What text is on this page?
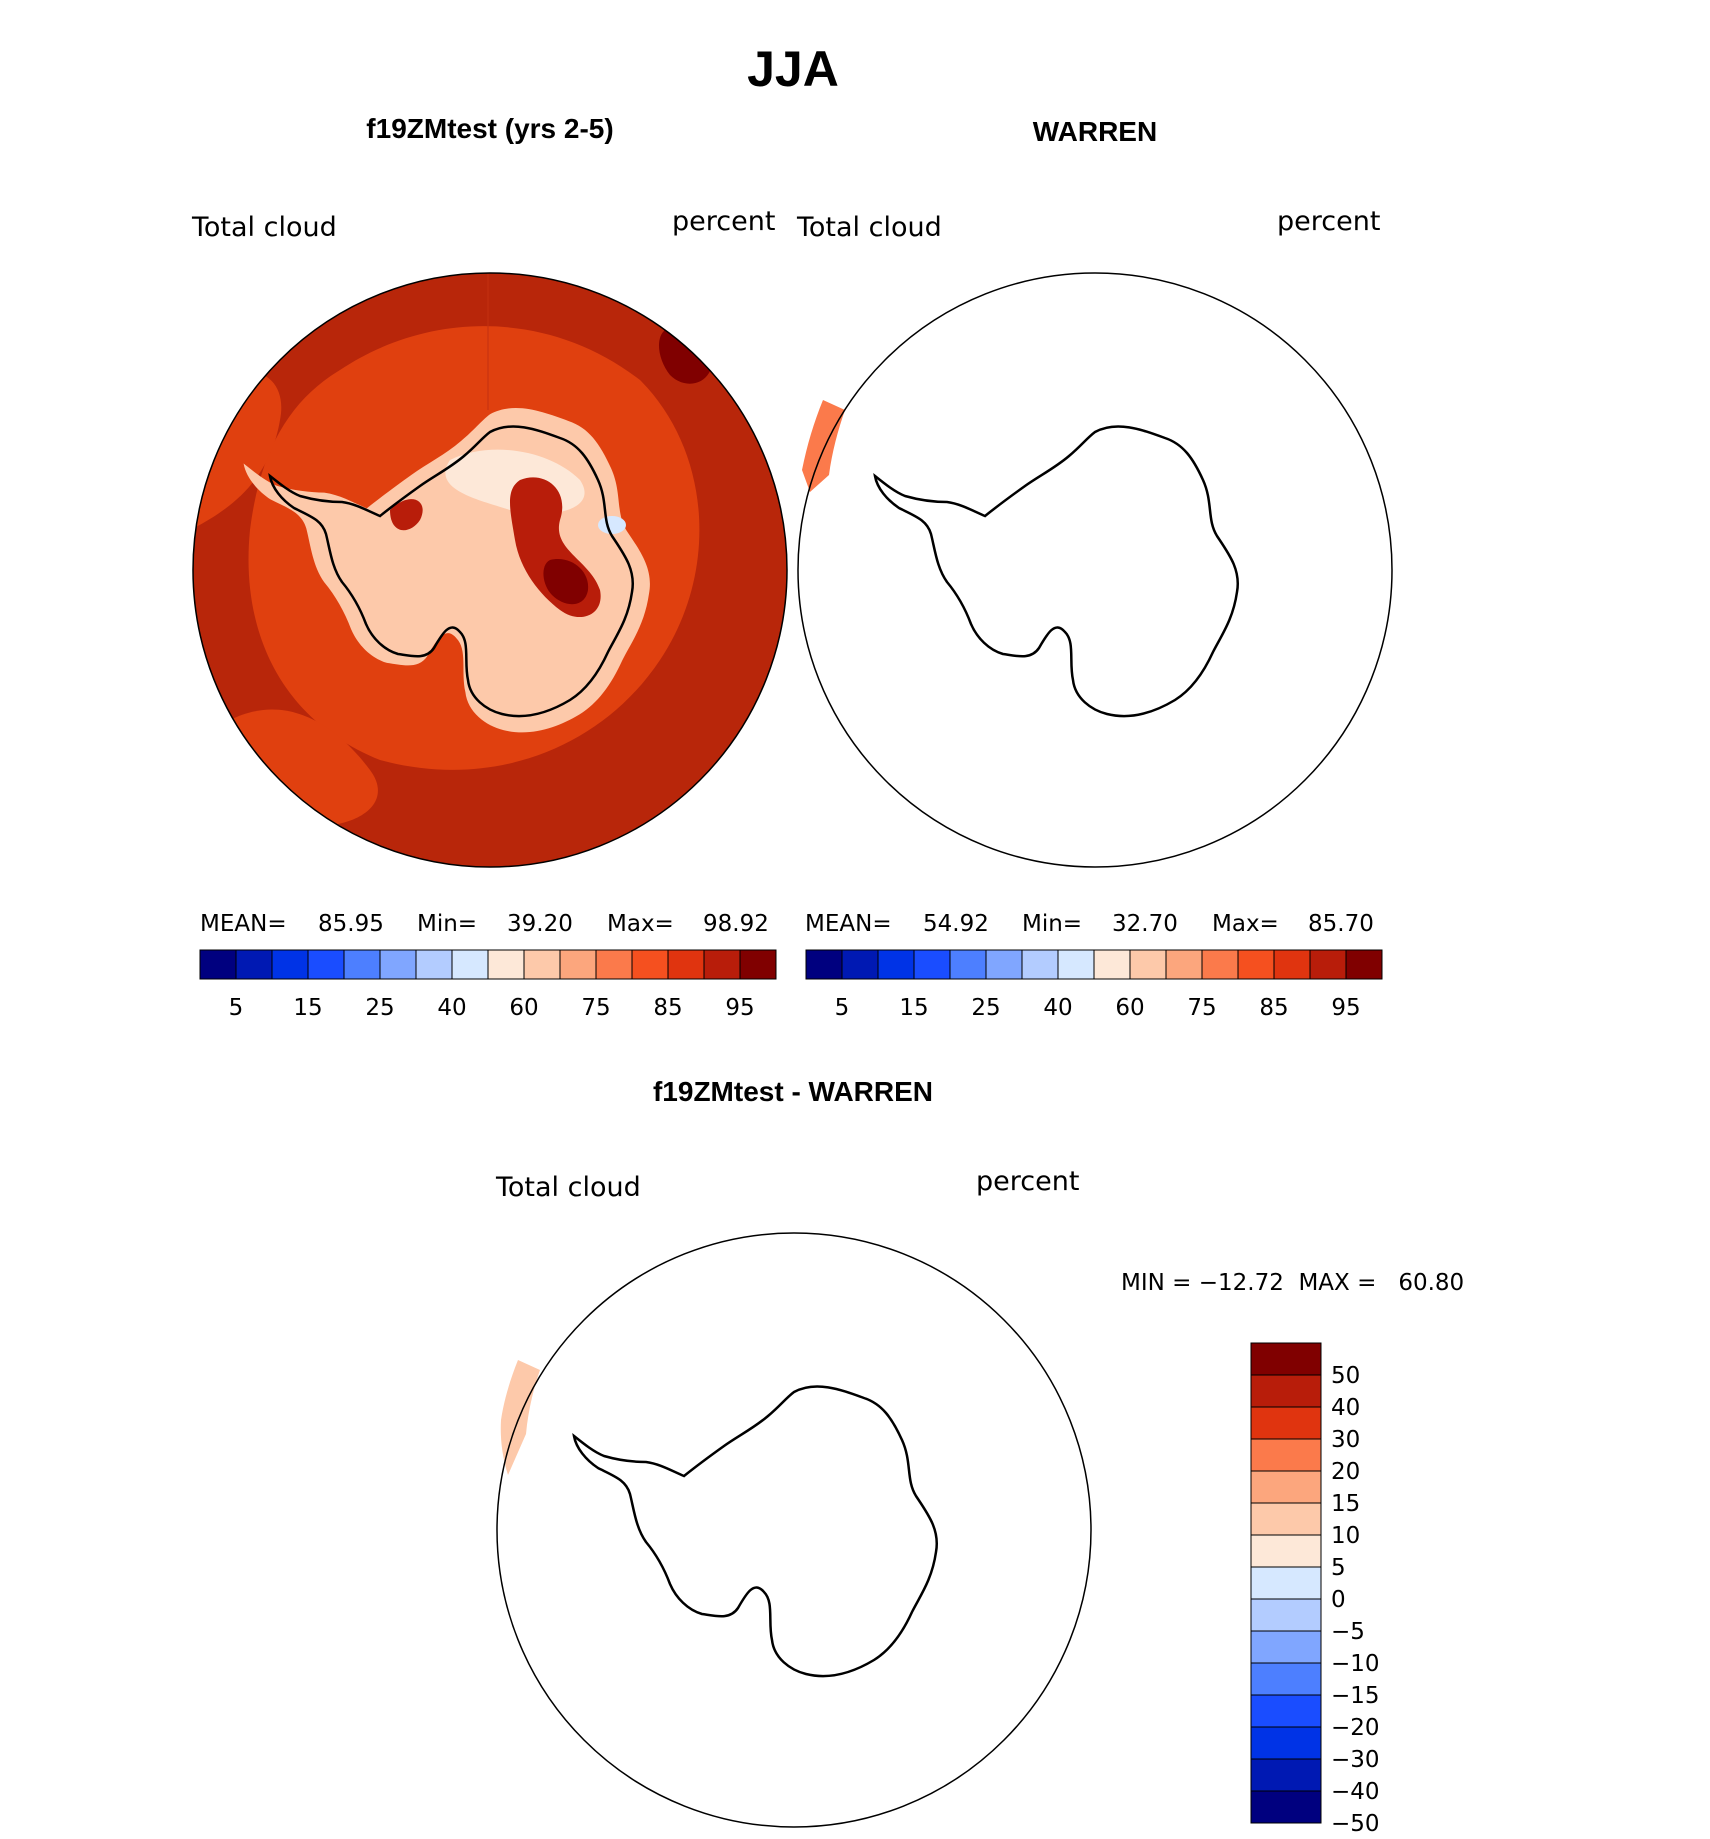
JJA
f19ZMtest (yrs 2-5)
Total cloud	percent
MEAN= 85.95 Min= 39.20 Max= 98.92
5 15 25 40 60 75 85 95
WARREN
Total cloud	percent
MEAN= 54.92 Min= 32.70 Max= 85.70
5 15 25 40 60 75 85 95
f19ZMtest - WARREN
Total cloud	percent
MIN = −12.72  MAX =   60.80
50
40
30
20
15
10
5
0
−5
−10
−15
−20
−30
−40
−50
